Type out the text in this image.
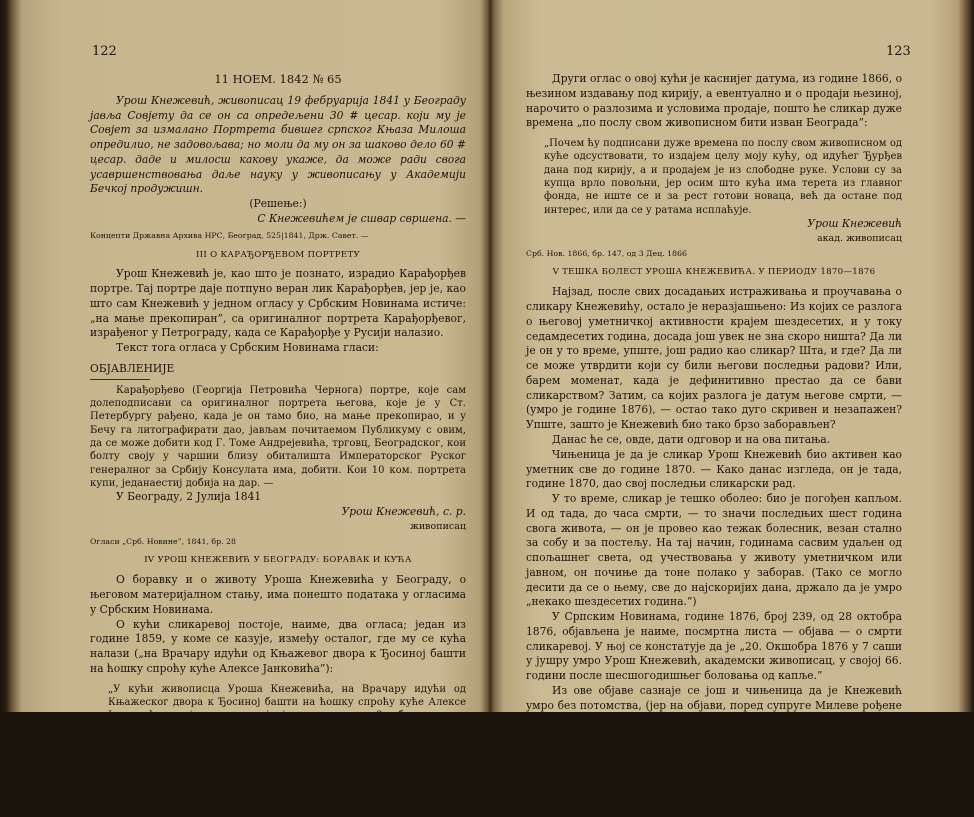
122
11 НОЕМ. 1842 № 65

Урош Кнежевић, живописац 19 фебруарија 1841 у Београду јавља Совјету да се он са опредељени 30 # цесар. који му је Совјет за измалано Портрета бившег српског Књаза Милоша опредилио, не задовољава; но моли да му он за шаково дело 60 # цесар. даде и милосш какову укаже, да може ради свога усавршенствовања даље науку у живописању у Академији Бечкој продужишн.

(Решење:)

С Кнежевићем је сшвар свршена. —

Концепти Државна Архива НРС, Београд, 525|1841, Држ. Савет. —
III О КАРАЂОРЂЕВОМ ПОРТРЕТУ

Урош Кнежевић је, као што је познато, израдио Карађорђев портре. Тај портре даје потпуно веран лик Карађорђев, јер је, као што сам Кнежевић у једном огласу у Србским Новинама истиче: „на мање прекопиран”, са оригиналног портрета Карађорђевог, израђеног у Петрограду, када се Карађорђе у Русији налазио.

Текст тога огласа у Србским Новинама гласи:

ОБЈАВЛЕНИЈЕ

Карађорђево (Георгија Петровића Чернога) портре, које сам долеподписани са оригиналног портрета његовa, које је у Ст. Петербургу рађено, када је он тамо био, на мање прекопирао, и у Бечу га литографирати дао, јављам почитаемом Публикуму с овим, да се може добити код Г. Томе Андрејевића, трговц, Београдског, кои болту својy у чаршии близу обиталишта Императорског Руског генералног за Србију Консулата има, добити. Кои 10 ком. портрета купи, једанаестиј добија на дар. —

У Београду, 2 Јулија 1841

Урош Кнежевић, с. р.

живописац

Огласи „Срб. Новине”, 1841, бр. 28
IV УРОШ КНЕЖЕВИЋ У БЕОГРАДУ: БОРАВАК И КУЋА

О боравку и о животу Уроша Кнежевића у Београду, о његовом материјалном стању, има понешто података у огласима у Србским Новинама.

О кући сликаревој постоје, наиме, два огласа; један из године 1859, у коме се казује, између осталог, где му се кућа налази („на Врачару идући од Књажевог двора к Ђосиној башти на ћошку спроћу куће Алексе Јанковића”):

„У кући живописца Уроша Кнежевића, на Врачару идући од Књажеског двора к Ђосиној башти на ћошку спроћу куће Алексе Јанковића издаје се под кирију: један квартир од 3 собе, све мање а једна велика. Кои би вољу имао таки, нек се јави, из итог куће изволи пријавити.”

Србске Новине, бр. 37|1859, од 26 Марта 1859
123

Други оглас о овој кући је каснијег датума, из године 1866, о њезином издавању под кирију, а евентуално и о продаји њезиној, нарочито о разлозима и условима продаје, пошто ће сликар дуже времена „по послу свом живописном бити изван Београда”:

„Почем ћу подписани дуже времена по послу свом живописном од куће одсуствовати, то издајем целу моју кућу, од идућег Ђурђев дана под кирију, а и продајем је из слободне руке. Услови су за купца врло повољни, јер осим што кућа има терета из главног фонда, не иште се и за рест готови новаца, већ да остане под интерес, или да се у ратама исплаћује.

Урош Кнежевић

акад. живописац

Срб. Нов. 1866, бр. 147, од 3 Дец. 1866
V ТЕШКА БОЛЕСТ УРОША КНЕЖЕВИЋА. У ПЕРИОДУ 1870—1876

Најзад, после свих досадањих истраживања и проучавања о сликару Кнежевићу, остало је неразјашњено: Из којих се разлога о његовој уметничкој активности крајем шездесетих, и у току седамдесетих година, досада још увек не зна скоро ништа? Да ли је он у то време, упште, још радио као сликар? Шта, и где? Да ли се може утврдити који су били његови последњи радови? Или, барем моменат, када је дефинитивно престао да се бави сликарством? Затим, са којих разлога је датум његове смрти, — (умро је године 1876), — остао тако дуго скривен и незапажен? Упште, зашто је Кнежевић био тако брзо заборављен?

Данас ће се, овде, дати одговор и на ова питања.

Чињеница је да је сликар Урош Кнежевић био активен као уметник све до године 1870. — Како данас изгледа, он је тада, године 1870, дао свој последњи сликарски рад.

У то време, сликар је тешко оболео: био је погођен капљом. И од тада, до часа смрти, — то значи последњих шест година свога живота, — он је провео као тежак болесник, везан стално за собу и за постељу. На тај начин, годинама сасвим удаљен од спољашнег света, од учествовања у животу уметничком или јавном, он почиње да тоне полако у заборав. (Тако се могло десити да се о њему, све до најскоријих дана, држало да је умро „некако шездесетих година.”)

У Српским Новинама, године 1876, број 239, од 28 октобра 1876, објављена је наиме, посмртна листа — објава — о смрти сликаревој. У њој се констатује да је „20. Окшобра 1876 у 7 саши у јушру умро Урош Кнежевић, академски живописац, у својој 66. години после шесшогодишњег боловања од капље.”

Из ове објаве сазнаје се још и чињеница да је Кнежевић умро без потомства, (јер на објави, поред супруге Милеве рођене Павловић, потписани су само још двоје: сестра сликарева Анка Пејиновић, и његов сестрић Милош Пејиновић, потпоно писац и књижевни радник). Отуда после смрти његове супруге, 1880, о сликаревом гробу, приликом каснијег прекопавања гробља код Маркове цркве, није имао нико од најближих да се побрине, и његови посмртни остаци бачени су у заједничку раку. Отуда, његов гроб данас не постоји.
